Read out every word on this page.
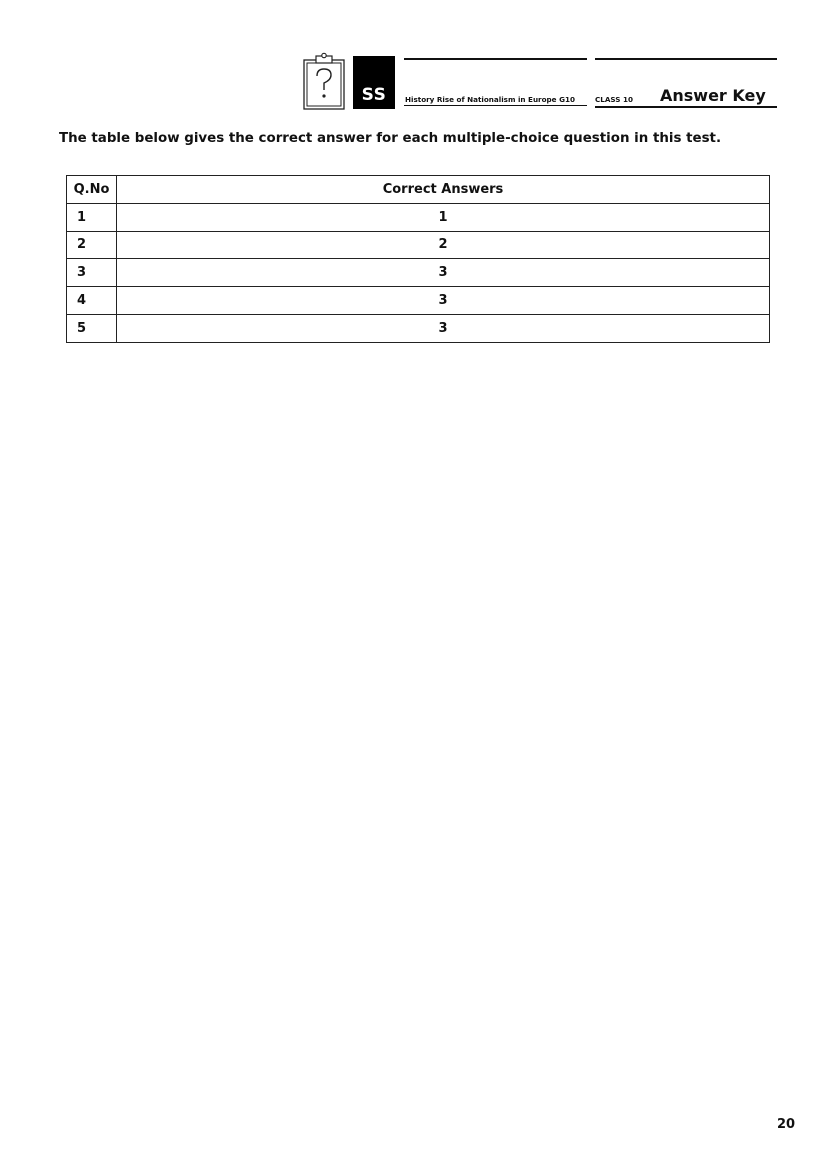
SS	History Rise of Nationalism in Europe G10	CLASS 10 Answer Key
The table below gives the correct answer for each multiple-choice question in this test.
Q.No	Correct Answers
1	1
2	2
3	3
4	3
5	3
20
